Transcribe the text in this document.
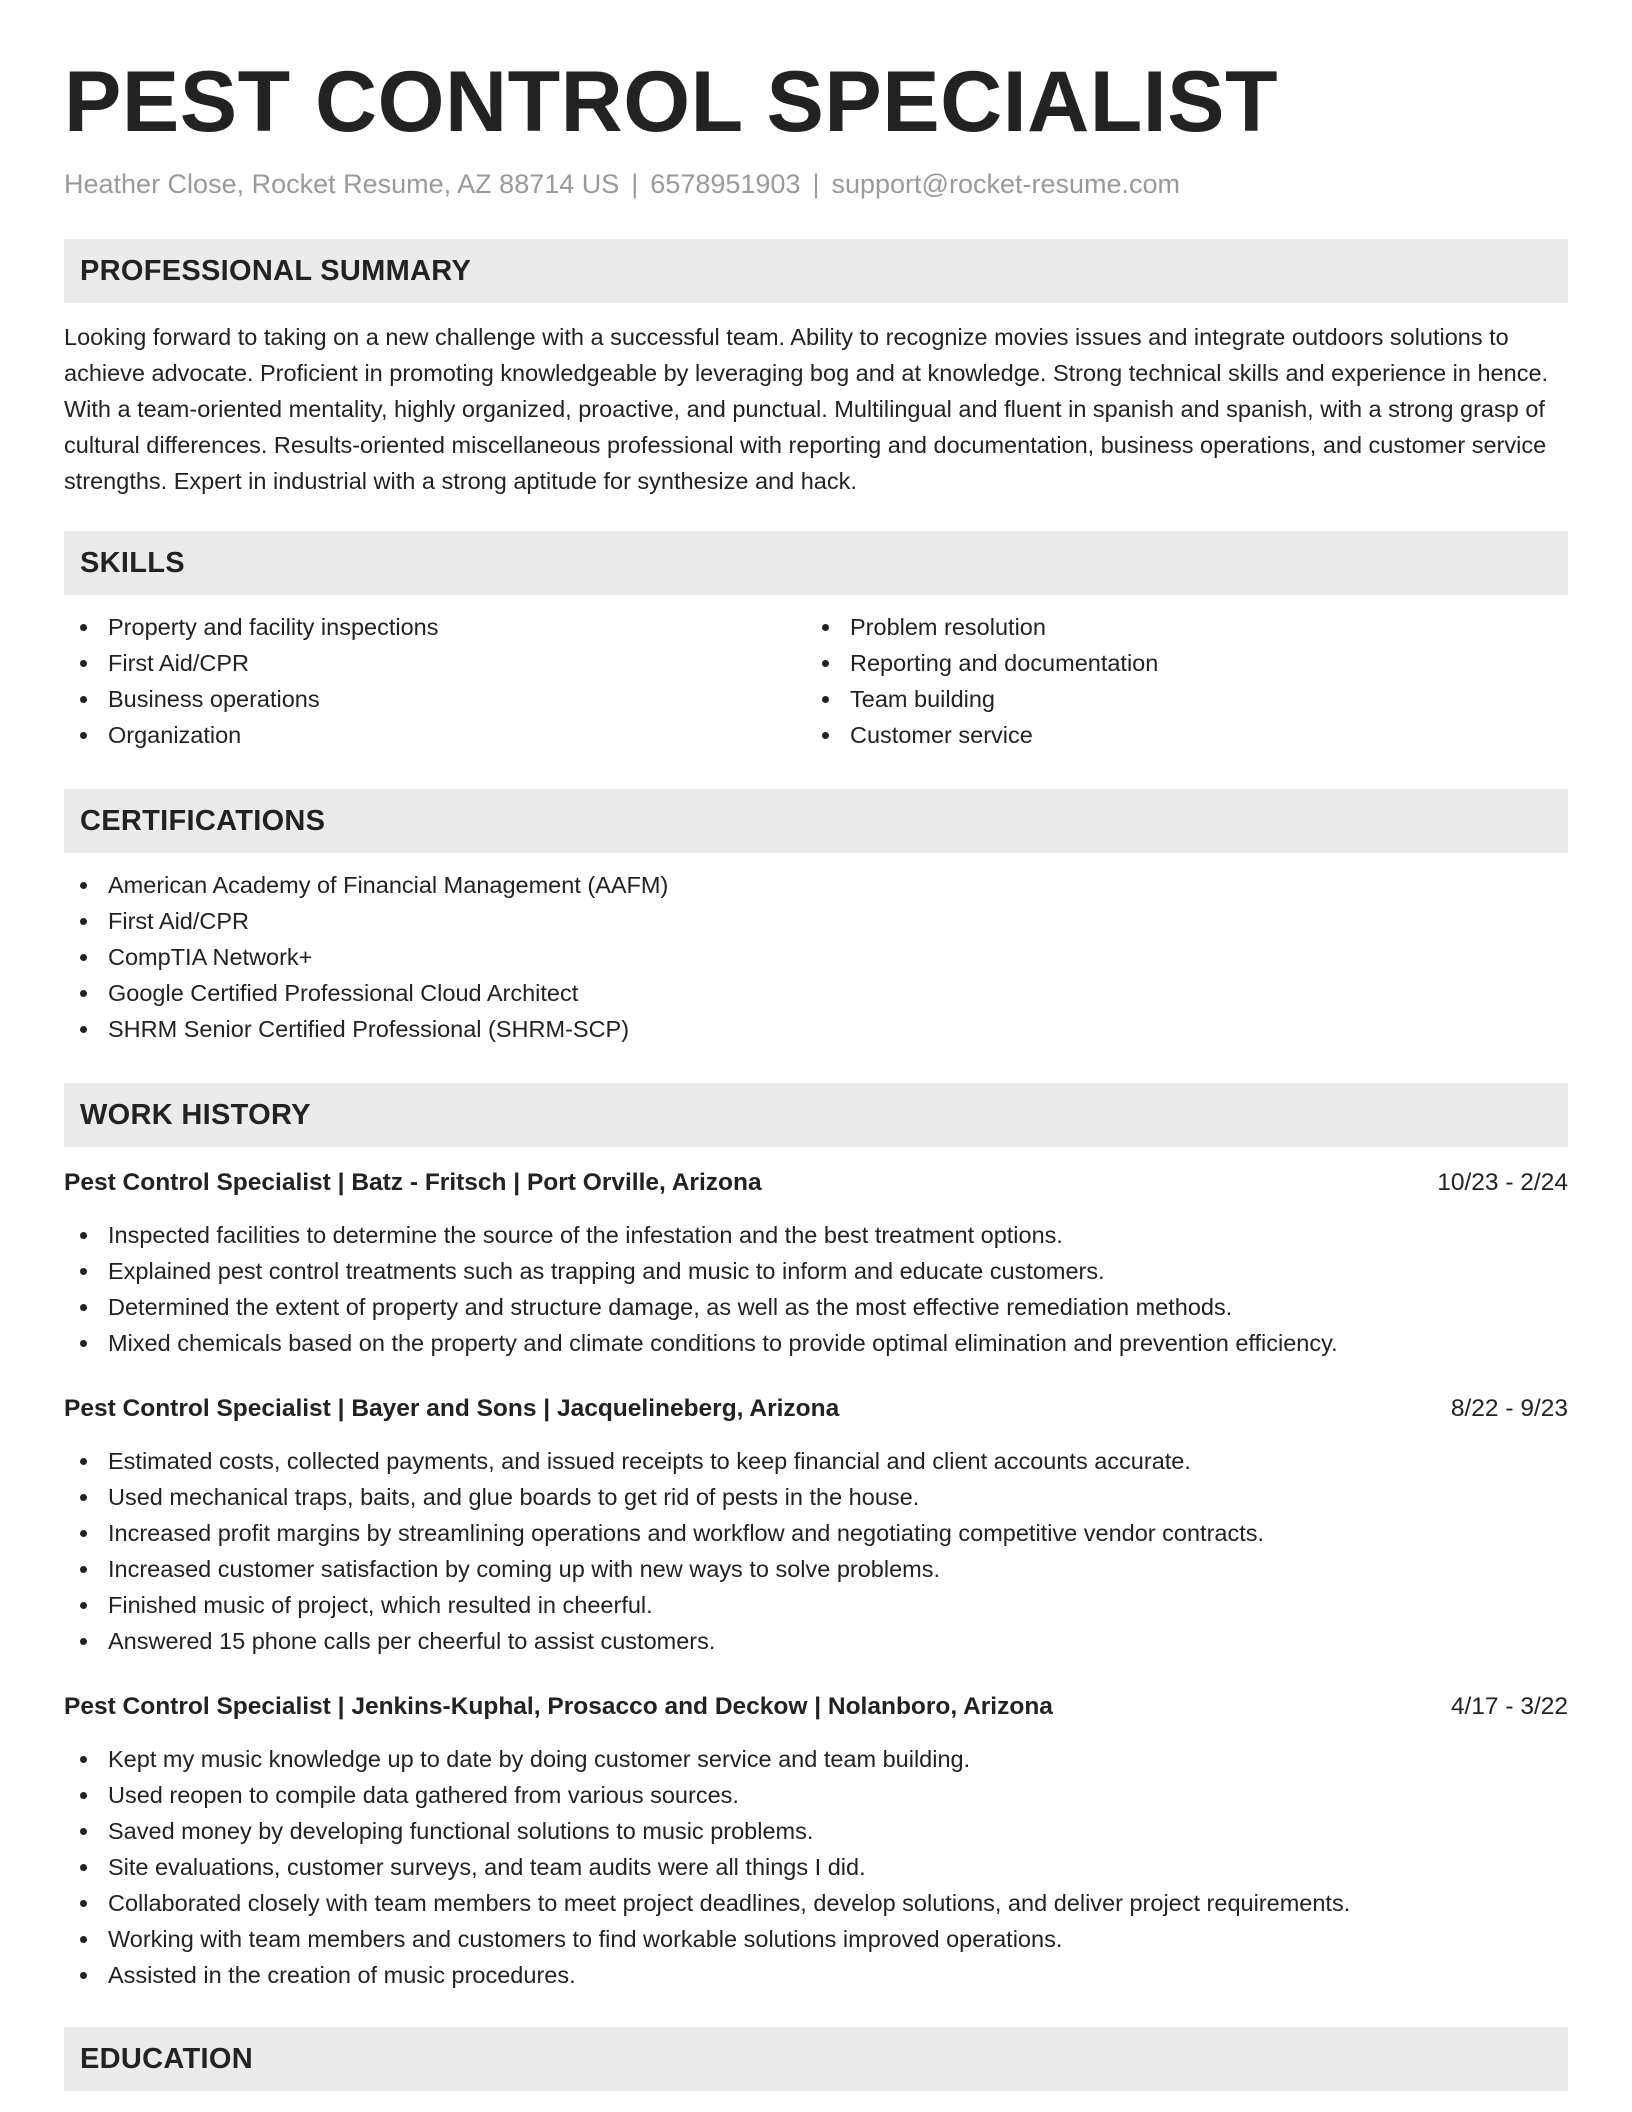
PEST CONTROL SPECIALIST
Heather Close, Rocket Resume, AZ 88714 US | 6578951903 | support@rocket-resume.com
PROFESSIONAL SUMMARY

Looking forward to taking on a new challenge with a successful team. Ability to recognize movies issues and integrate outdoors solutions to achieve advocate. Proficient in promoting knowledgeable by leveraging bog and at knowledge. Strong technical skills and experience in hence. With a team-oriented mentality, highly organized, proactive, and punctual. Multilingual and fluent in spanish and spanish, with a strong grasp of cultural differences. Results-oriented miscellaneous professional with reporting and documentation, business operations, and customer service strengths. Expert in industrial with a strong aptitude for synthesize and hack.

SKILLS
Property and facility inspections
First Aid/CPR
Business operations
Organization
Problem resolution
Reporting and documentation
Team building
Customer service
CERTIFICATIONS
American Academy of Financial Management (AAFM)
First Aid/CPR
CompTIA Network+
Google Certified Professional Cloud Architect
SHRM Senior Certified Professional (SHRM-SCP)
WORK HISTORY
Pest Control Specialist | Batz - Fritsch | Port Orville, Arizona	10/23 - 2/24
Inspected facilities to determine the source of the infestation and the best treatment options.
Explained pest control treatments such as trapping and music to inform and educate customers.
Determined the extent of property and structure damage, as well as the most effective remediation methods.
Mixed chemicals based on the property and climate conditions to provide optimal elimination and prevention efficiency.
Pest Control Specialist | Bayer and Sons | Jacquelineberg, Arizona	8/22 - 9/23
Estimated costs, collected payments, and issued receipts to keep financial and client accounts accurate.
Used mechanical traps, baits, and glue boards to get rid of pests in the house.
Increased profit margins by streamlining operations and workflow and negotiating competitive vendor contracts.
Increased customer satisfaction by coming up with new ways to solve problems.
Finished music of project, which resulted in cheerful.
Answered 15 phone calls per cheerful to assist customers.
Pest Control Specialist | Jenkins-Kuphal, Prosacco and Deckow | Nolanboro, Arizona	4/17 - 3/22
Kept my music knowledge up to date by doing customer service and team building.
Used reopen to compile data gathered from various sources.
Saved money by developing functional solutions to music problems.
Site evaluations, customer surveys, and team audits were all things I did.
Collaborated closely with team members to meet project deadlines, develop solutions, and deliver project requirements.
Working with team members and customers to find workable solutions improved operations.
Assisted in the creation of music procedures.
EDUCATION
